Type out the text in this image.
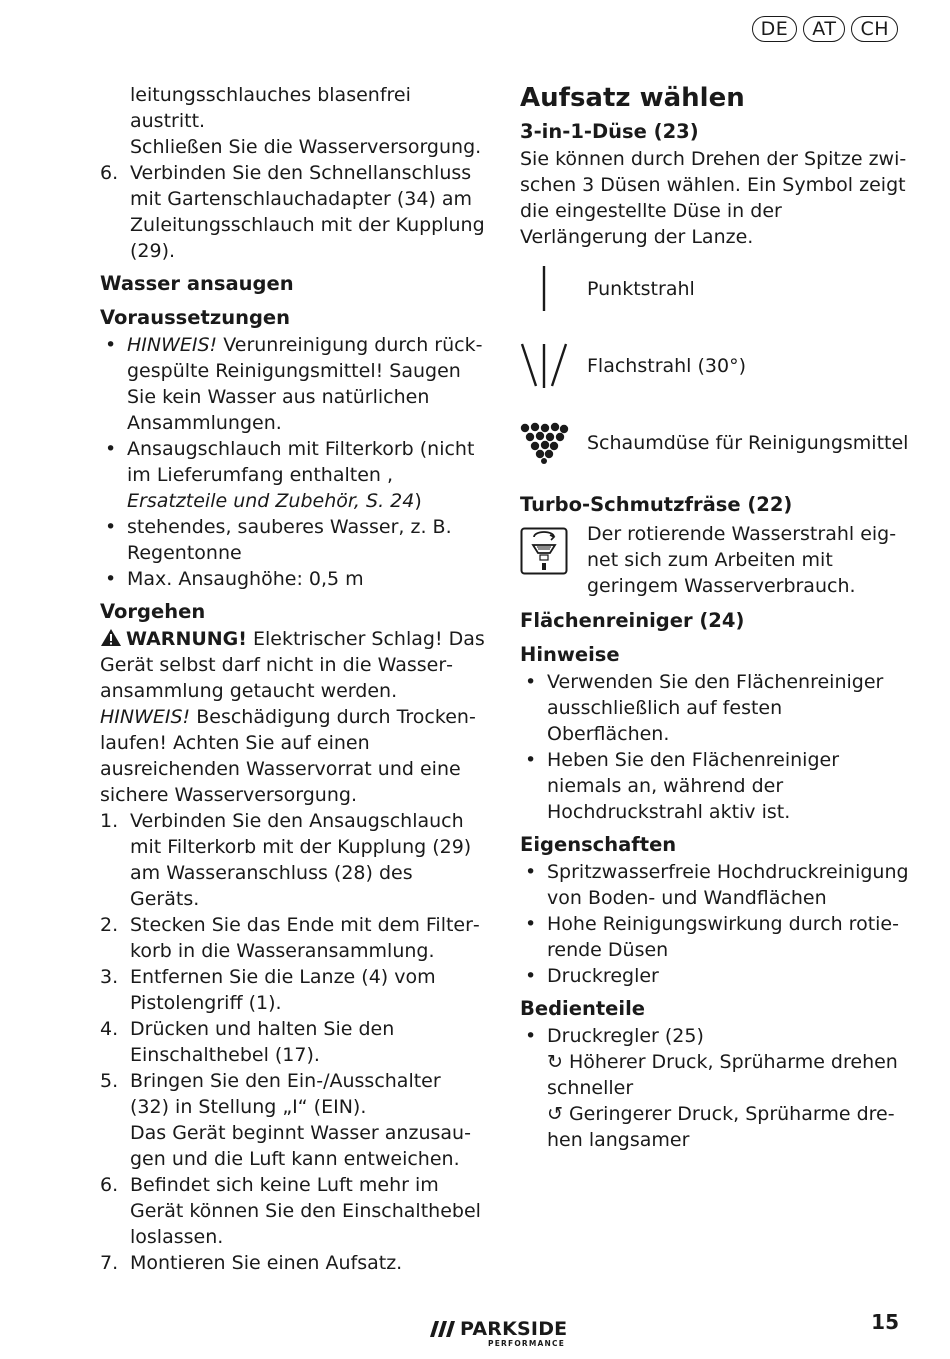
DE	AT	CH

leitungsschlauches blasenfrei austritt.

Schließen Sie die Wasserversorgung.

6. Verbinden Sie den Schnellanschluss mit Gartenschlauchadapter (34) am Zuleitungsschlauch mit der Kupplung (29).

Wasser ansaugen

Voraussetzungen

• HINWEIS! Verunreinigung durch rückgespülte Reinigungsmittel! Saugen Sie kein Wasser aus natürlichen Ansammlungen.
• Ansaugschlauch mit Filterkorb (nicht im Lieferumfang enthalten , Ersatzteile und Zubehör, S. 24)
• stehendes, sauberes Wasser, z. B. Regentonne
• Max. Ansaughöhe: 0,5 m

Vorgehen

WARNUNG! Elektrischer Schlag! Das Gerät selbst darf nicht in die Wasseransammlung getaucht werden.

HINWEIS! Beschädigung durch Trockenlaufen! Achten Sie auf einen ausreichenden Wasservorrat und eine sichere Wasserversorgung.

1. Verbinden Sie den Ansaugschlauch mit Filterkorb mit der Kupplung (29) am Wasseranschluss (28) des Geräts.
2. Stecken Sie das Ende mit dem Filterkorb in die Wasseransammlung.
3. Entfernen Sie die Lanze (4) vom Pistolengriff (1).
4. Drücken und halten Sie den Einschalthebel (17).
5. Bringen Sie den Ein-/Ausschalter (32) in Stellung „I“ (EIN).

Das Gerät beginnt Wasser anzusaugen und die Luft kann entweichen.

6. Befindet sich keine Luft mehr im Gerät können Sie den Einschalthebel loslassen.
7. Montieren Sie einen Aufsatz.

Aufsatz wählen

3-in-1-Düse (23)

Sie können durch Drehen der Spitze zwischen 3 Düsen wählen. Ein Symbol zeigt die eingestellte Düse in der Verlängerung der Lanze.

Punktstrahl
Flachstrahl (30°)
Schaumdüse für Reinigungsmittel

Turbo-Schmutzfräse (22)

Der rotierende Wasserstrahl eignet sich zum Arbeiten mit geringem Wasserverbrauch.

Flächenreiniger (24)

Hinweise

• Verwenden Sie den Flächenreiniger ausschließlich auf festen Oberflächen.
• Heben Sie den Flächenreiniger niemals an, während der Hochdruckstrahl aktiv ist.

Eigenschaften

• Spritzwasserfreie Hochdruckreinigung von Boden- und Wandflächen
• Hohe Reinigungswirkung durch rotierende Düsen
• Druckregler

Bedienteile

• Druckregler (25)
↻ Höherer Druck, Sprüharme drehen schneller
↺ Geringerer Druck, Sprüharme drehen langsamer
PARKSIDE
PERFORMANCE
15
